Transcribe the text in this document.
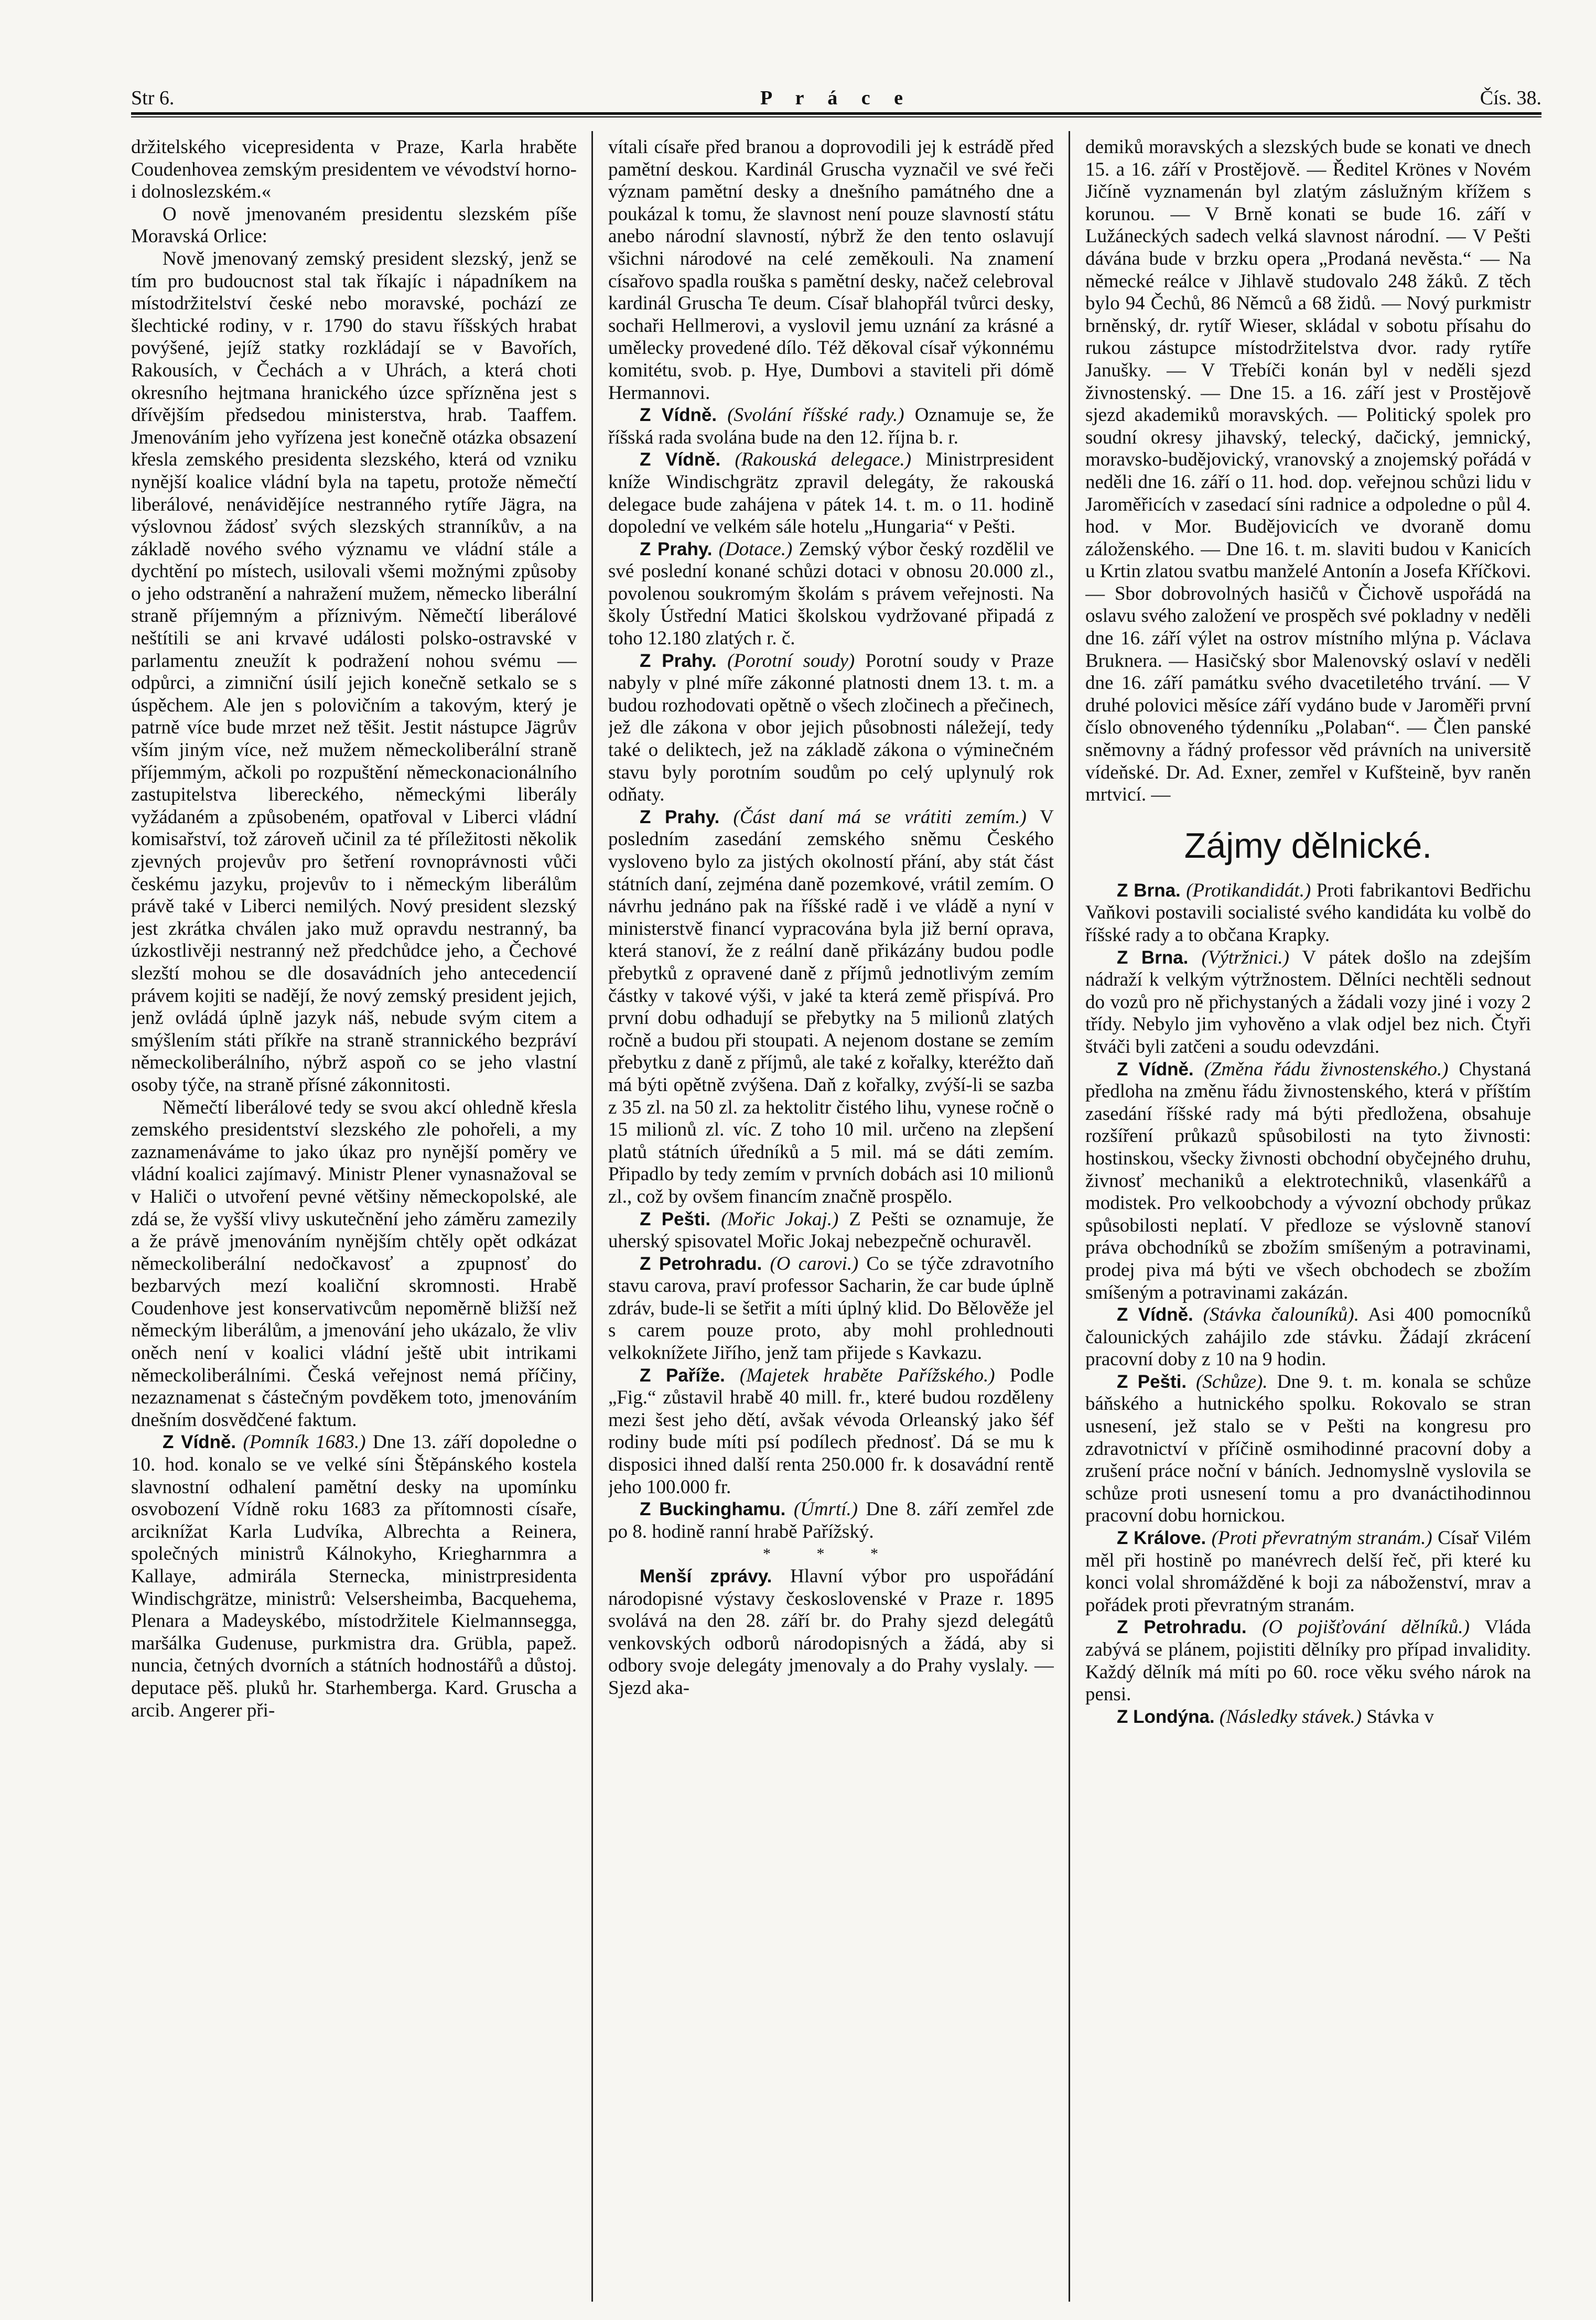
Str 6.	P r á c e	Čís. 38.

držitelského vicepresidenta v Praze, Karla hraběte Coudenhovea zemským presidentem ve vévodství horno- i dolnoslezském.«

O nově jmenovaném presidentu slezském píše Moravská Orlice:

Nově jmenovaný zemský president slezský, jenž se tím pro budoucnost stal tak říkajíc i nápadníkem na místodržitelství české nebo moravské, pochází ze šlechtické rodiny, v r. 1790 do stavu říšských hrabat povýšené, jejíž statky rozkládají se v Bavořích, Rakousích, v Čechách a v Uhrách, a která choti okresního hejtmana hranického úzce spřízněna jest s dřívějším předsedou ministerstva, hrab. Taaffem. Jmenováním jeho vyřízena jest konečně otázka obsazení křesla zemského presidenta slezského, která od vzniku nynější koalice vládní byla na tapetu, protože němečtí liberálové, nenávidějíce nestranného rytíře Jägra, na výslovnou žádosť svých slezských stranníkův, a na základě nového svého významu ve vládní stále a dychtění po místech, usilovali všemi možnými způsoby o jeho odstranění a nahražení mužem, německo liberální straně příjemným a příznivým. Němečtí liberálové neštítili se ani krvavé události polsko-ostravské v parlamentu zneužít k podražení nohou svému — odpůrci, a zimniční úsilí jejich konečně setkalo se s úspěchem. Ale jen s polovičním a takovým, který je patrně více bude mrzet než těšit. Jestit nástupce Jägrův vším jiným více, než mužem německoliberální straně příjemmým, ačkoli po rozpuštění německonacionálního zastupitelstva libereckého, německými liberály vyžádaném a způsobeném, opatřoval v Liberci vládní komisařství, tož zároveň učinil za té příležitosti několik zjevných projevův pro šetření rovnoprávnosti vůči českému jazyku, projevův to i německým liberálům právě také v Liberci nemilých. Nový president slezský jest zkrátka chválen jako muž opravdu nestranný, ba úzkostlivěji nestranný než předchůdce jeho, a Čechové slezští mohou se dle dosavádních jeho antecedencií právem kojiti se nadějí, že nový zemský president jejich, jenž ovládá úplně jazyk náš, nebude svým citem a smýšlením státi příkře na straně strannického bezpráví německoliberálního, nýbrž aspoň co se jeho vlastní osoby týče, na straně přísné zákonnitosti.

Němečtí liberálové tedy se svou akcí ohledně křesla zemského presidentství slezského zle pohořeli, a my zaznamenáváme to jako úkaz pro nynější poměry ve vládní koalici zajímavý. Ministr Plener vynasnažoval se v Haliči o utvoření pevné většiny německopolské, ale zdá se, že vyšší vlivy uskutečnění jeho záměru zamezily a že právě jmenováním nynějším chtěly opět odkázat německoliberální nedočkavosť a zpupnosť do bezbarvých mezí koaliční skromnosti. Hrabě Coudenhove jest konservativcům nepoměrně bližší než německým liberálům, a jmenování jeho ukázalo, že vliv oněch není v koalici vládní ještě ubit intrikami německoliberálními. Česká veřejnost nemá příčiny, nezaznamenat s částečným povděkem toto, jmenováním dnešním dosvědčené faktum.

Z Vídně. (Pomník 1683.) Dne 13. září dopoledne o 10. hod. konalo se ve velké síni Štěpánského kostela slavnostní odhalení pamětní desky na upomínku osvobození Vídně roku 1683 za přítomnosti císaře, arciknížat Karla Ludvíka, Albrechta a Reinera, společných ministrů Kálnokyho, Kriegharnmra a Kallaye, admirála Sternecka, ministrpresidenta Windischgrätze, ministrů: Velsersheimba, Bacquehema, Plenara a Madeyskébo, místodržitele Kielmannsegga, maršálka Gudenuse, purkmistra dra. Grübla, papež. nuncia, četných dvorních a státních hodnostářů a důstoj. deputace pěš. pluků hr. Starhemberga. Kard. Gruscha a arcib. Angerer při-

vítali císaře před branou a doprovodili jej k estrádě před pamětní deskou. Kardinál Gruscha vyznačil ve své řeči význam pamětní desky a dnešního památného dne a poukázal k tomu, že slavnost není pouze slavností státu anebo národní slavností, nýbrž že den tento oslavují všichni národové na celé zeměkouli. Na znamení císařovo spadla rouška s pamětní desky, načež celebroval kardinál Gruscha Te deum. Císař blahopřál tvůrci desky, sochaři Hellmerovi, a vyslovil jemu uznání za krásné a umělecky provedené dílo. Též děkoval císař výkonnému komitétu, svob. p. Hye, Dumbovi a staviteli při dómě Hermannovi.

Z Vídně. (Svolání říšské rady.) Oznamuje se, že říšská rada svolána bude na den 12. října b. r.

Z Vídně. (Rakouská delegace.) Ministrpresident kníže Windischgrätz zpravil delegáty, že rakouská delegace bude zahájena v pátek 14. t. m. o 11. hodině dopolední ve velkém sále hotelu „Hungaria“ v Pešti.

Z Prahy. (Dotace.) Zemský výbor český rozdělil ve své poslední konané schůzi dotaci v obnosu 20.000 zl., povolenou soukromým školám s právem veřejnosti. Na školy Ústřední Matici školskou vydržované připadá z toho 12.180 zlatých r. č.

Z Prahy. (Porotní soudy) Porotní soudy v Praze nabyly v plné míře zákonné platnosti dnem 13. t. m. a budou rozhodovati opětně o všech zločinech a přečinech, jež dle zákona v obor jejich působnosti náležejí, tedy také o deliktech, jež na základě zákona o výminečném stavu byly porotním soudům po celý uplynulý rok odňaty.

Z Prahy. (Část daní má se vrátiti zemím.) V posledním zasedání zemského sněmu Českého vysloveno bylo za jistých okolností přání, aby stát část státních daní, zejména daně pozemkové, vrátil zemím. O návrhu jednáno pak na říšské radě i ve vládě a nyní v ministerstvě financí vypracována byla již berní oprava, která stanoví, že z reální daně přikázány budou podle přebytků z opravené daně z příjmů jednotlivým zemím částky v takové výši, v jaké ta která země přispívá. Pro první dobu odhadují se přebytky na 5 milionů zlatých ročně a budou při stoupati. A nejenom dostane se zemím přebytku z daně z příjmů, ale také z kořalky, kteréžto daň má býti opětně zvýšena. Daň z kořalky, zvýší-li se sazba z 35 zl. na 50 zl. za hektolitr čistého lihu, vynese ročně o 15 milionů zl. víc. Z toho 10 mil. určeno na zlepšení platů státních úředníků a 5 mil. má se dáti zemím. Připadlo by tedy zemím v prvních dobách asi 10 milionů zl., což by ovšem financím značně prospělo.

Z Pešti. (Mořic Jokaj.) Z Pešti se oznamuje, že uherský spisovatel Mořic Jokaj nebezpečně ochuravěl.

Z Petrohradu. (O carovi.) Co se týče zdravotního stavu carova, praví professor Sacharin, že car bude úplně zdráv, bude-li se šetřit a míti úplný klid. Do Bělověže jel s carem pouze proto, aby mohl prohlednouti velkoknížete Jiřího, jenž tam přijede s Kavkazu.

Z Paříže. (Majetek hraběte Pařížského.) Podle „Fig.“ zůstavil hrabě 40 mill. fr., které budou rozděleny mezi šest jeho dětí, avšak vévoda Orleanský jako šéf rodiny bude míti psí podílech přednosť. Dá se mu k disposici ihned další renta 250.000 fr. k dosavádní rentě jeho 100.000 fr.

Z Buckinghamu. (Úmrtí.) Dne 8. září zemřel zde po 8. hodině ranní hrabě Pařížský.

* * *

Menší zprávy. Hlavní výbor pro uspořádání národopisné výstavy československé v Praze r. 1895 svolává na den 28. září br. do Prahy sjezd delegátů venkovských odborů národopisných a žádá, aby si odbory svoje delegáty jmenovaly a do Prahy vyslaly. — Sjezd aka-

demiků moravských a slezských bude se konati ve dnech 15. a 16. září v Prostějově. — Ředitel Krönes v Novém Jičíně vyznamenán byl zlatým záslužným křížem s korunou. — V Brně konati se bude 16. září v Lužáneckých sadech velká slavnost národní. — V Pešti dávána bude v brzku opera „Prodaná nevěsta.“ — Na německé reálce v Jihlavě studovalo 248 žáků. Z těch bylo 94 Čechů, 86 Němců a 68 židů. — Nový purkmistr brněnský, dr. rytíř Wieser, skládal v sobotu přísahu do rukou zástupce místodržitelstva dvor. rady rytíře Janušky. — V Třebíči konán byl v neděli sjezd živnostenský. — Dne 15. a 16. září jest v Prostějově sjezd akademiků moravských. — Politický spolek pro soudní okresy jihavský, telecký, dačický, jemnický, moravsko-budějovický, vranovský a znojemský pořádá v neděli dne 16. září o 11. hod. dop. veřejnou schůzi lidu v Jaroměřicích v zasedací síni radnice a odpoledne o půl 4. hod. v Mor. Budějovicích ve dvoraně domu záloženského. — Dne 16. t. m. slaviti budou v Kanicích u Krtin zlatou svatbu manželé Antonín a Josefa Kříčkovi. — Sbor dobrovolných hasičů v Čichově uspořádá na oslavu svého založení ve prospěch své pokladny v neděli dne 16. září výlet na ostrov místního mlýna p. Václava Bruknera. — Hasičský sbor Malenovský oslaví v neděli dne 16. září památku svého dvacetiletého trvání. — V druhé polovici měsíce září vydáno bude v Jaroměři první číslo obnoveného týdenníku „Polaban“. — Člen panské sněmovny a řádný professor věd právních na universitě vídeňské. Dr. Ad. Exner, zemřel v Kufšteině, byv raněn mrtvicí. —

Zájmy dělnické.

Z Brna. (Protikandidát.) Proti fabrikantovi Bedřichu Vaňkovi postavili socialisté svého kandidáta ku volbě do říšské rady a to občana Krapky.

Z Brna. (Výtržnici.) V pátek došlo na zdejším nádraží k velkým výtržnostem. Dělníci nechtěli sednout do vozů pro ně přichystaných a žádali vozy jiné i vozy 2 třídy. Nebylo jim vyhověno a vlak odjel bez nich. Čtyři štváči byli zatčeni a soudu odevzdáni.

Z Vídně. (Změna řádu živnostenského.) Chystaná předloha na změnu řádu živnostenského, která v příštím zasedání říšské rady má býti předložena, obsahuje rozšíření průkazů spůsobilosti na tyto živnosti: hostinskou, všecky živnosti obchodní obyčejného druhu, živnosť mechaniků a elektrotechniků, vlasenkářů a modistek. Pro velkoobchody a vývozní obchody průkaz spůsobilosti neplatí. V předloze se výslovně stanoví práva obchodníků se zbožím smíšeným a potravinami, prodej piva má býti ve všech obchodech se zbožím smíšeným a potravinami zakázán.

Z Vídně. (Stávka čalouníků). Asi 400 pomocníků čalounických zahájilo zde stávku. Žádají zkrácení pracovní doby z 10 na 9 hodin.

Z Pešti. (Schůze). Dne 9. t. m. konala se schůze báňského a hutnického spolku. Rokovalo se stran usnesení, jež stalo se v Pešti na kongresu pro zdravotnictví v příčině osmihodinné pracovní doby a zrušení práce noční v báních. Jednomyslně vyslovila se schůze proti usnesení tomu a pro dvanáctihodinnou pracovní dobu hornickou.

Z Králove. (Proti převratným stranám.) Císař Vilém měl při hostině po manévrech delší řeč, při které ku konci volal shromážděné k boji za náboženství, mrav a pořádek proti převratným stranám.

Z Petrohradu. (O pojišťování dělníků.) Vláda zabývá se plánem, pojistiti dělníky pro případ invalidity. Každý dělník má míti po 60. roce věku svého nárok na pensi.

Z Londýna. (Následky stávek.) Stávka v
